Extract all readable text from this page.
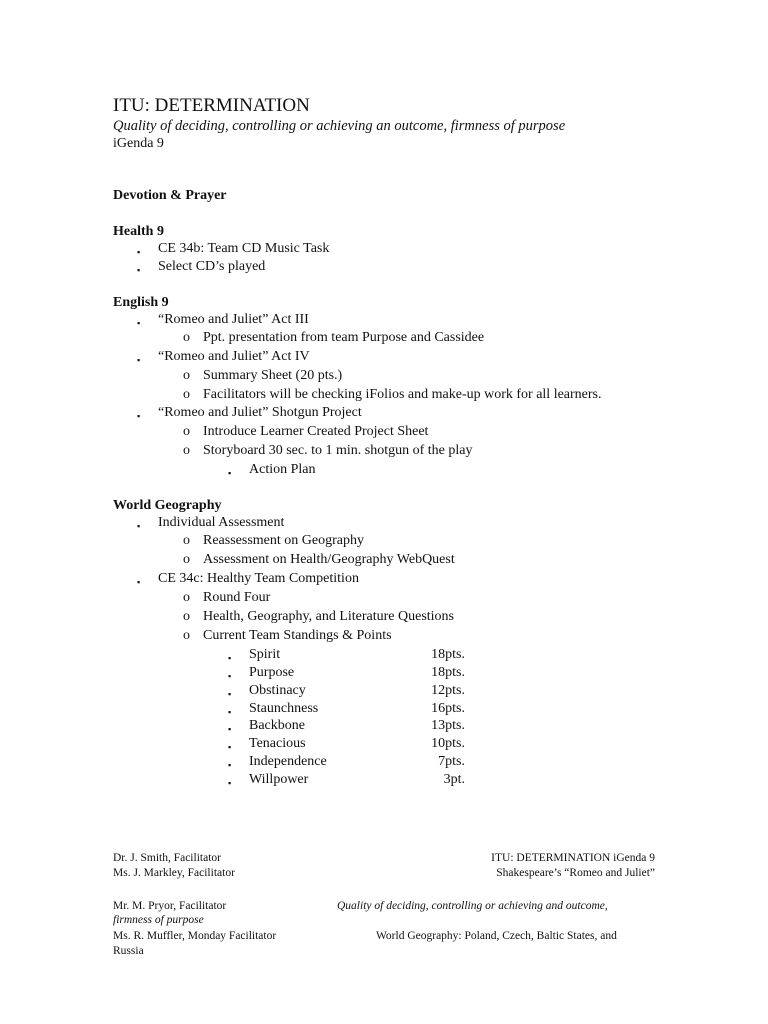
ITU: DETERMINATION
Quality of deciding, controlling or achieving an outcome, firmness of purpose
iGenda 9
Devotion & Prayer
Health 9
$_▪$ CE 34b: Team CD Music Task
$_▪$ Select CD’s played
English 9
$_▪$ “Romeo and Juliet” Act III
o Ppt. presentation from team Purpose and Cassidee
$_▪$ “Romeo and Juliet” Act IV
o Summary Sheet (20 pts.)
o Facilitators will be checking iFolios and make-up work for all learners.
$_▪$ “Romeo and Juliet” Shotgun Project
o Introduce Learner Created Project Sheet
o Storyboard 30 sec. to 1 min. shotgun of the play
$_▪$ Action Plan
World Geography
$_▪$ Individual Assessment
o Reassessment on Geography
o Assessment on Health/Geography WebQuest
$_▪$ CE 34c: Healthy Team Competition
o Round Four
o Health, Geography, and Literature Questions
o Current Team Standings & Points
$_▪$ Spirit	18pts.
$_▪$ Purpose	18pts.
$_▪$ Obstinacy	12pts.
$_▪$ Staunchness	16pts.
$_▪$ Backbone	13pts.
$_▪$ Tenacious	10pts.
$_▪$ Independence	7pts.
$_▪$ Willpower	3pt.
Dr. J. Smith, Facilitator
Ms. J. Markley, Facilitator
ITU: DETERMINATION iGenda 9
Shakespeare’s “Romeo and Juliet”
Mr. M. Pryor, Facilitator	Quality of deciding, controlling or achieving and outcome,
firmness of purpose
Ms. R. Muffler, Monday Facilitator	World Geography: Poland, Czech, Baltic States, and
Russia
